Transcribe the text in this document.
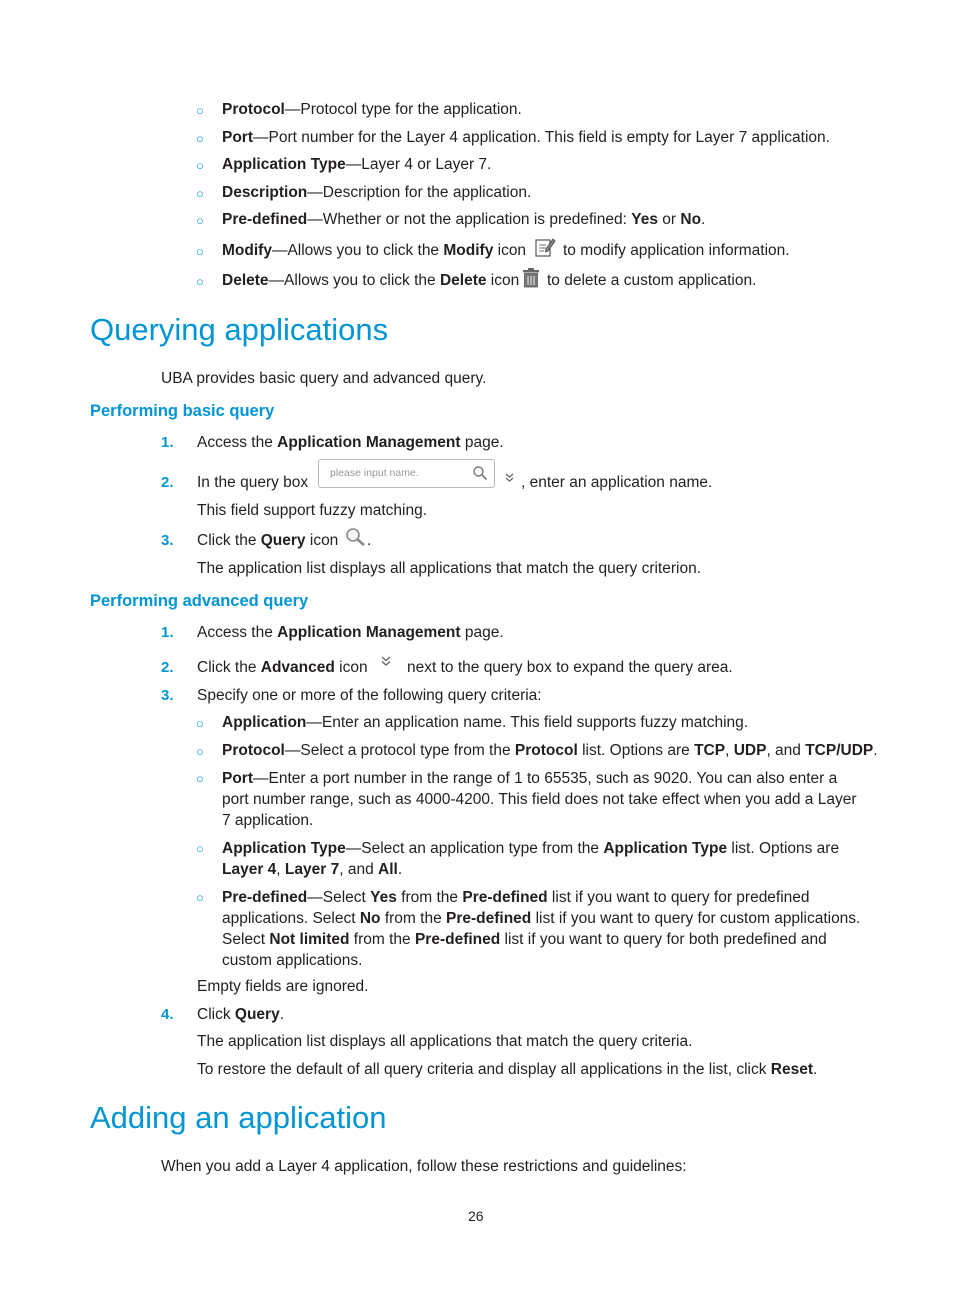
○ Protocol—Protocol type for the application.
○ Port—Port number for the Layer 4 application. This field is empty for Layer 7 application.
○ Application Type—Layer 4 or Layer 7.
○ Description—Description for the application.
○ Pre-defined—Whether or not the application is predefined: Yes or No.
○ Modify—Allows you to click the Modify icon to modify application information.
○ Delete—Allows you to click the Delete icon to delete a custom application.
Querying applications
UBA provides basic query and advanced query.
Performing basic query
1. Access the Application Management page.
2. In the query box
please input name.
, enter an application name.
This field support fuzzy matching.
3. Click the Query icon .
The application list displays all applications that match the query criterion.
Performing advanced query
1. Access the Application Management page.
2. Click the Advanced icon	next to the query box to expand the query area.
3. Specify one or more of the following query criteria:
○ Application—Enter an application name. This field supports fuzzy matching.
○ Protocol—Select a protocol type from the Protocol list. Options are TCP, UDP, and TCP/UDP.
○ Port—Enter a port number in the range of 1 to 65535, such as 9020. You can also enter a port number range, such as 4000-4200. This field does not take effect when you add a Layer 7 application.
○ Application Type—Select an application type from the Application Type list. Options are Layer 4, Layer 7, and All.
○ Pre-defined—Select Yes from the Pre-defined list if you want to query for predefined applications. Select No from the Pre-defined list if you want to query for custom applications. Select Not limited from the Pre-defined list if you want to query for both predefined and custom applications.
Empty fields are ignored.
4. Click Query.
The application list displays all applications that match the query criteria.
To restore the default of all query criteria and display all applications in the list, click Reset.
Adding an application
When you add a Layer 4 application, follow these restrictions and guidelines:
26
